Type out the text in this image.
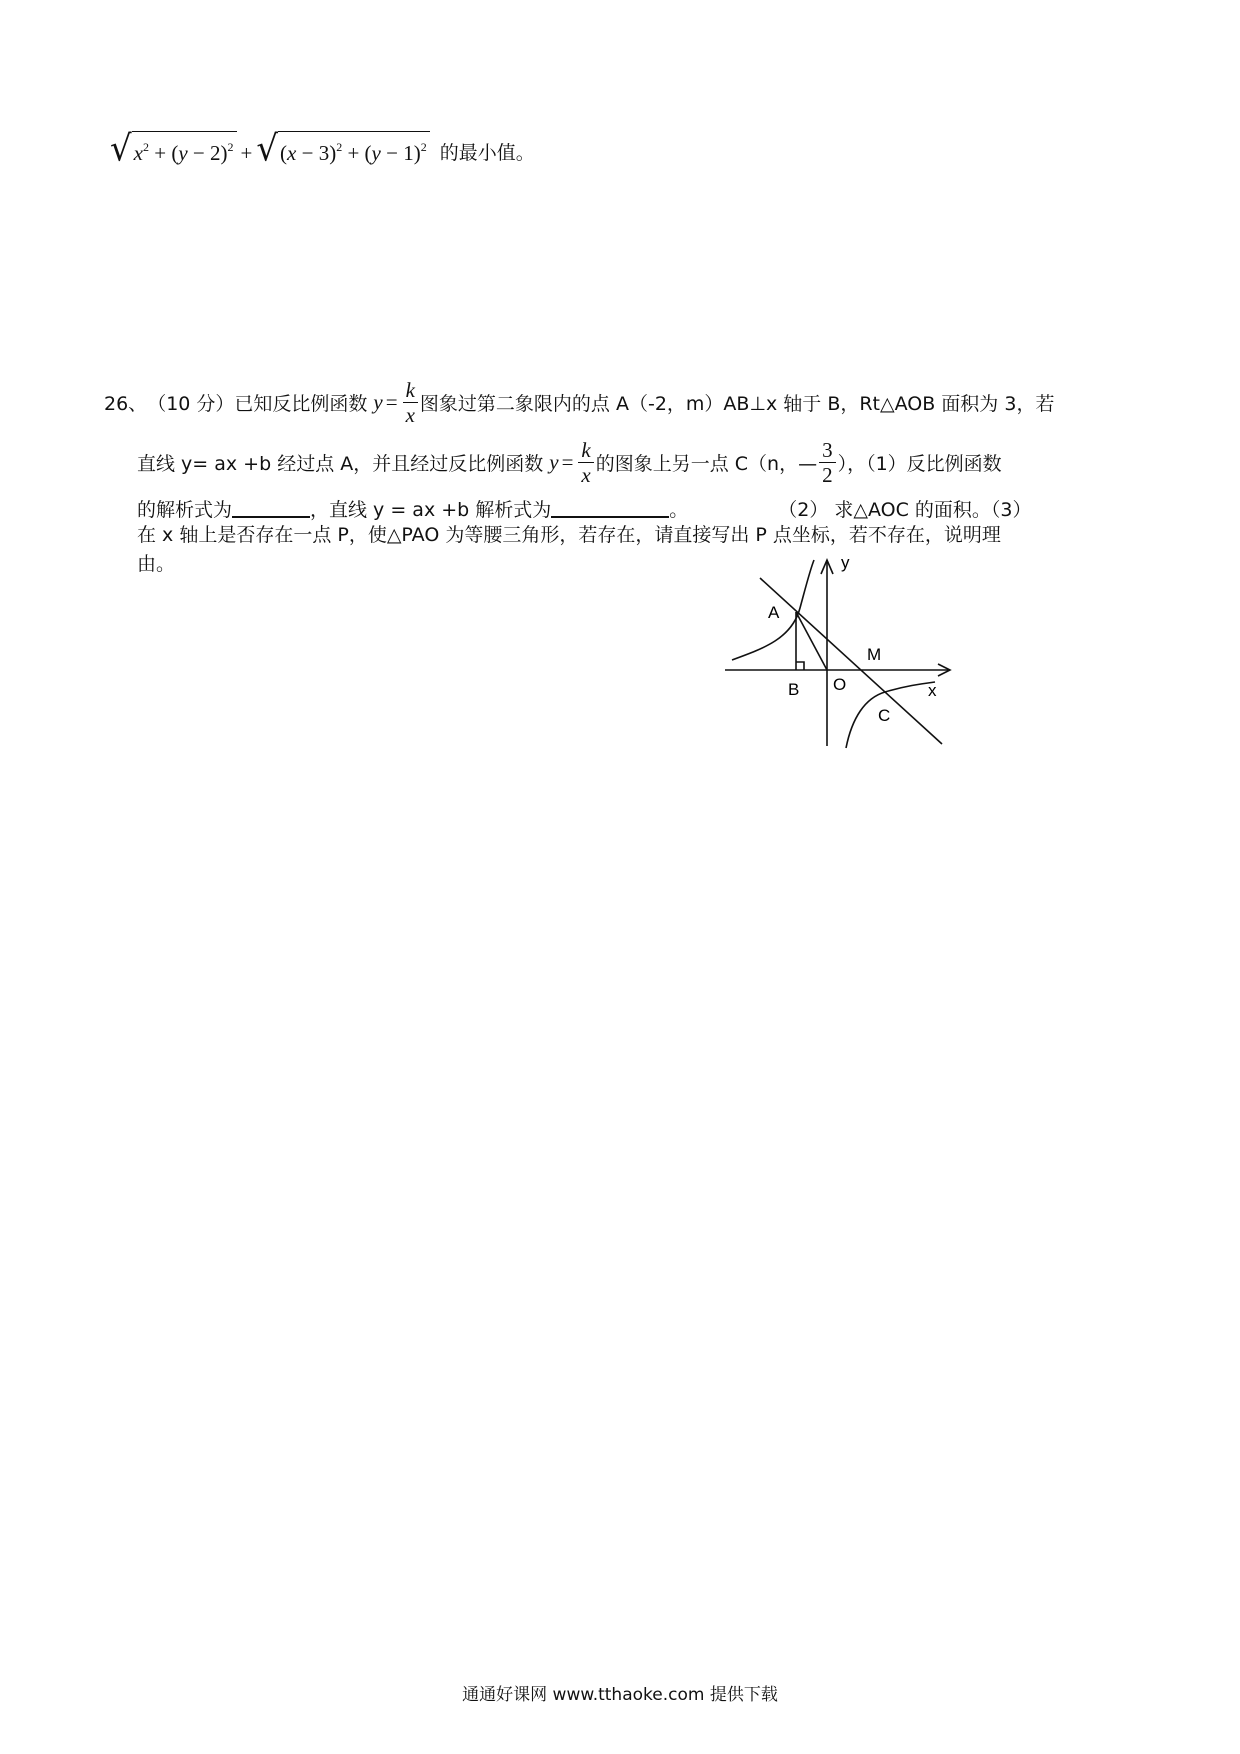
√ $x^2 + (y - 2)^2$ + √ $(x - 3)^2 + (y - 1)^2$ 的最小值。
26、 （10 分） 已知反比例函数 $y = \frac{k}{x}$ 图象过第二象限内的点 A（-2，m）AB⊥x 轴于 B，Rt△AOB 面积为 3，若
直线 y= ax +b 经过点 A，并且经过反比例函数 $y = \frac{k}{x}$ 的图象上另一点 C（n，— $\frac{3}{2}$ ），（1）反比例函数
的解析式为	，直线 y = ax +b 解析式为	。	（2） 求△AOC 的面积。（3）
在 x 轴上是否存在一点 P，使△PAO 为等腰三角形，若存在，请直接写出 P 点坐标，若不存在，说明理
由。	y
x
A
B O
M
C
通通好课网 www.tthaoke.com 提供下载
